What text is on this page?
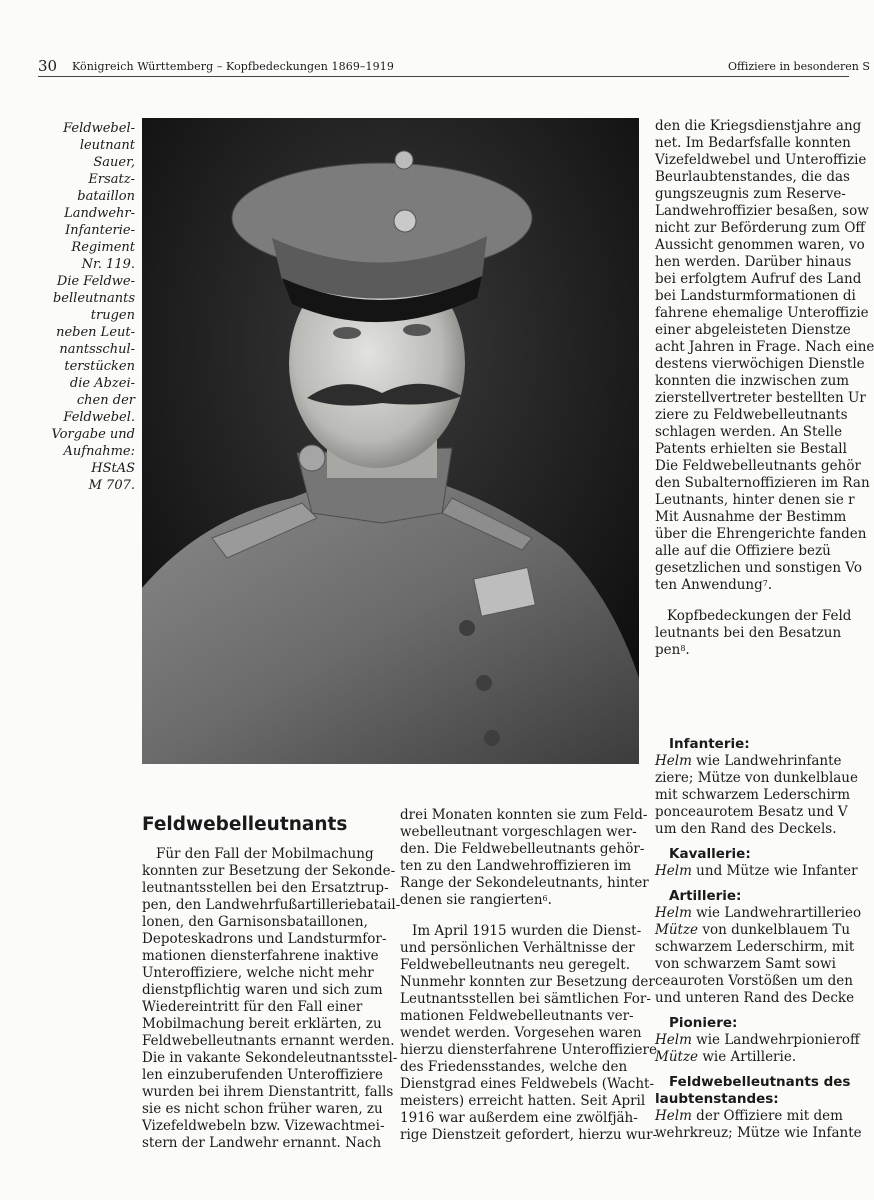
30 Königreich Württemberg – Kopfbedeckungen 1869–1919	Offiziere in besonderen S
Feldwebel-
leutnant
Sauer,
Ersatz-
bataillon
Landwehr-
Infanterie-
Regiment
Nr. 119.
Die Feldwe-
belleutnants
trugen
neben Leut-
nantsschul-
terstücken
die Abzei-
chen der
Feldwebel.
Vorgabe und
Aufnahme:
HStAS
M 707.

den die Kriegsdienstjahre ang
net. Im Bedarfsfalle konnten
Vizefeldwebel und Unteroffizie
Beurlaubtenstandes, die das
gungszeugnis zum Reserve-
Landwehroffizier besaßen, sow
nicht zur Beförderung zum Off
Aussicht genommen waren, vo
hen werden. Darüber hinaus
bei erfolgtem Aufruf des Land
bei Landsturmformationen di
fahrene ehemalige Unteroffizie
einer abgeleisteten Dienstze
acht Jahren in Frage. Nach eine
destens vierwöchigen Dienstle
konnten die inzwischen zum
zierstellvertreter bestellten Ur
ziere zu Feldwebelleutnants
schlagen werden. An Stelle
Patents erhielten sie Bestall
Die Feldwebelleutnants gehör
den Subalternoffizieren im Ran
Leutnants, hinter denen sie r
Mit Ausnahme der Bestimm
über die Ehrengerichte fanden
alle auf die Offiziere bezü
gesetzlichen und sonstigen Vo
ten Anwendung$^7$.

Kopfbedeckungen der Feld
leutnants bei den Besatzun
pen$^8$.

Feldwebelleutnants

Für den Fall der Mobilmachung
konnten zur Besetzung der Sekonde-
leutnantsstellen bei den Ersatztrup-
pen, den Landwehrfußartilleriebatail-
lonen, den Garnisonsbataillonen,
Depoteskadrons und Landsturmfor-
mationen diensterfahrene inaktive
Unteroffiziere, welche nicht mehr
dienstpflichtig waren und sich zum
Wiedereintritt für den Fall einer
Mobilmachung bereit erklärten, zu
Feldwebelleutnants ernannt werden.
Die in vakante Sekondeleutnantsstel-
len einzuberufenden Unteroffiziere
wurden bei ihrem Dienstantritt, falls
sie es nicht schon früher waren, zu
Vizefeldwebeln bzw. Vizewachtmei-
stern der Landwehr ernannt. Nach

drei Monaten konnten sie zum Feld-
webelleutnant vorgeschlagen wer-
den. Die Feldwebelleutnants gehör-
ten zu den Landwehroffizieren im
Range der Sekondeleutnants, hinter
denen sie rangierten$^6$.

Im April 1915 wurden die Dienst-
und persönlichen Verhältnisse der
Feldwebelleutnants neu geregelt.
Nunmehr konnten zur Besetzung der
Leutnantsstellen bei sämtlichen For-
mationen Feldwebelleutnants ver-
wendet werden. Vorgesehen waren
hierzu diensterfahrene Unteroffiziere
des Friedensstandes, welche den
Dienstgrad eines Feldwebels (Wacht-
meisters) erreicht hatten. Seit April
1916 war außerdem eine zwölfjäh-
rige Dienstzeit gefordert, hierzu wur-

Infanterie:
Helm wie Landwehrinfante
ziere; Mütze von dunkelblaue
mit schwarzem Lederschirm
ponceaurotem Besatz und V
um den Rand des Deckels.
Kavallerie:
Helm und Mütze wie Infanter
Artillerie:
Helm wie Landwehrartillerieo
Mütze von dunkelblauem Tu
schwarzem Lederschirm, mit
von schwarzem Samt sowi
ceauroten Vorstößen um den
und unteren Rand des Decke
Pioniere:
Helm wie Landwehrpionieroff
Mütze wie Artillerie.
Feldwebelleutnants des
laubtenstandes:
Helm der Offiziere mit dem
wehrkreuz; Mütze wie Infante
